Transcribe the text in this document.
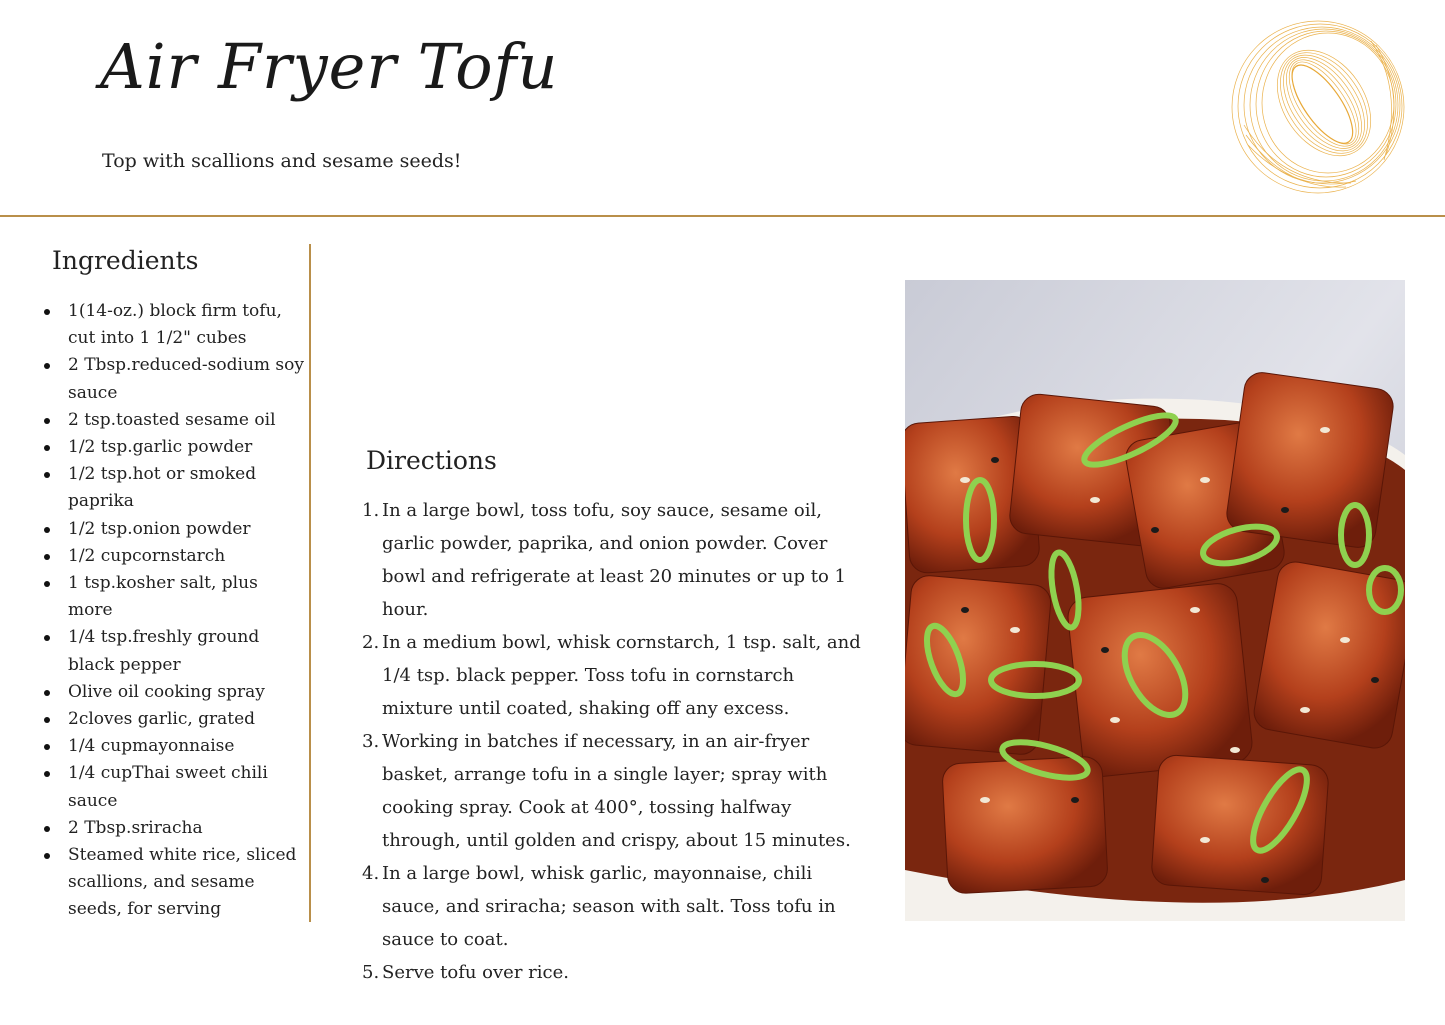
Air Fryer Tofu
Top with scallions and sesame seeds!
Ingredients
1(14-oz.) block firm tofu, cut into 1 1/2" cubes
2 Tbsp.reduced-sodium soy sauce
2 tsp.toasted sesame oil
1/2 tsp.garlic powder
1/2 tsp.hot or smoked paprika
1/2 tsp.onion powder
1/2 cupcornstarch
1 tsp.kosher salt, plus more
1/4 tsp.freshly ground black pepper
Olive oil cooking spray
2cloves garlic, grated
1/4 cupmayonnaise
1/4 cupThai sweet chili sauce
2 Tbsp.sriracha
Steamed white rice, sliced scallions, and sesame seeds, for serving
Directions
1. In a large bowl, toss tofu, soy sauce, sesame oil, garlic powder, paprika, and onion powder. Cover bowl and refrigerate at least 20 minutes or up to 1 hour.
2. In a medium bowl, whisk cornstarch, 1 tsp. salt, and 1/4 tsp. black pepper. Toss tofu in cornstarch mixture until coated, shaking off any excess.
3. Working in batches if necessary, in an air-fryer basket, arrange tofu in a single layer; spray with cooking spray. Cook at 400°, tossing halfway through, until golden and crispy, about 15 minutes.
4. In a large bowl, whisk garlic, mayonnaise, chili sauce, and sriracha; season with salt. Toss tofu in sauce to coat.
5. Serve tofu over rice.
